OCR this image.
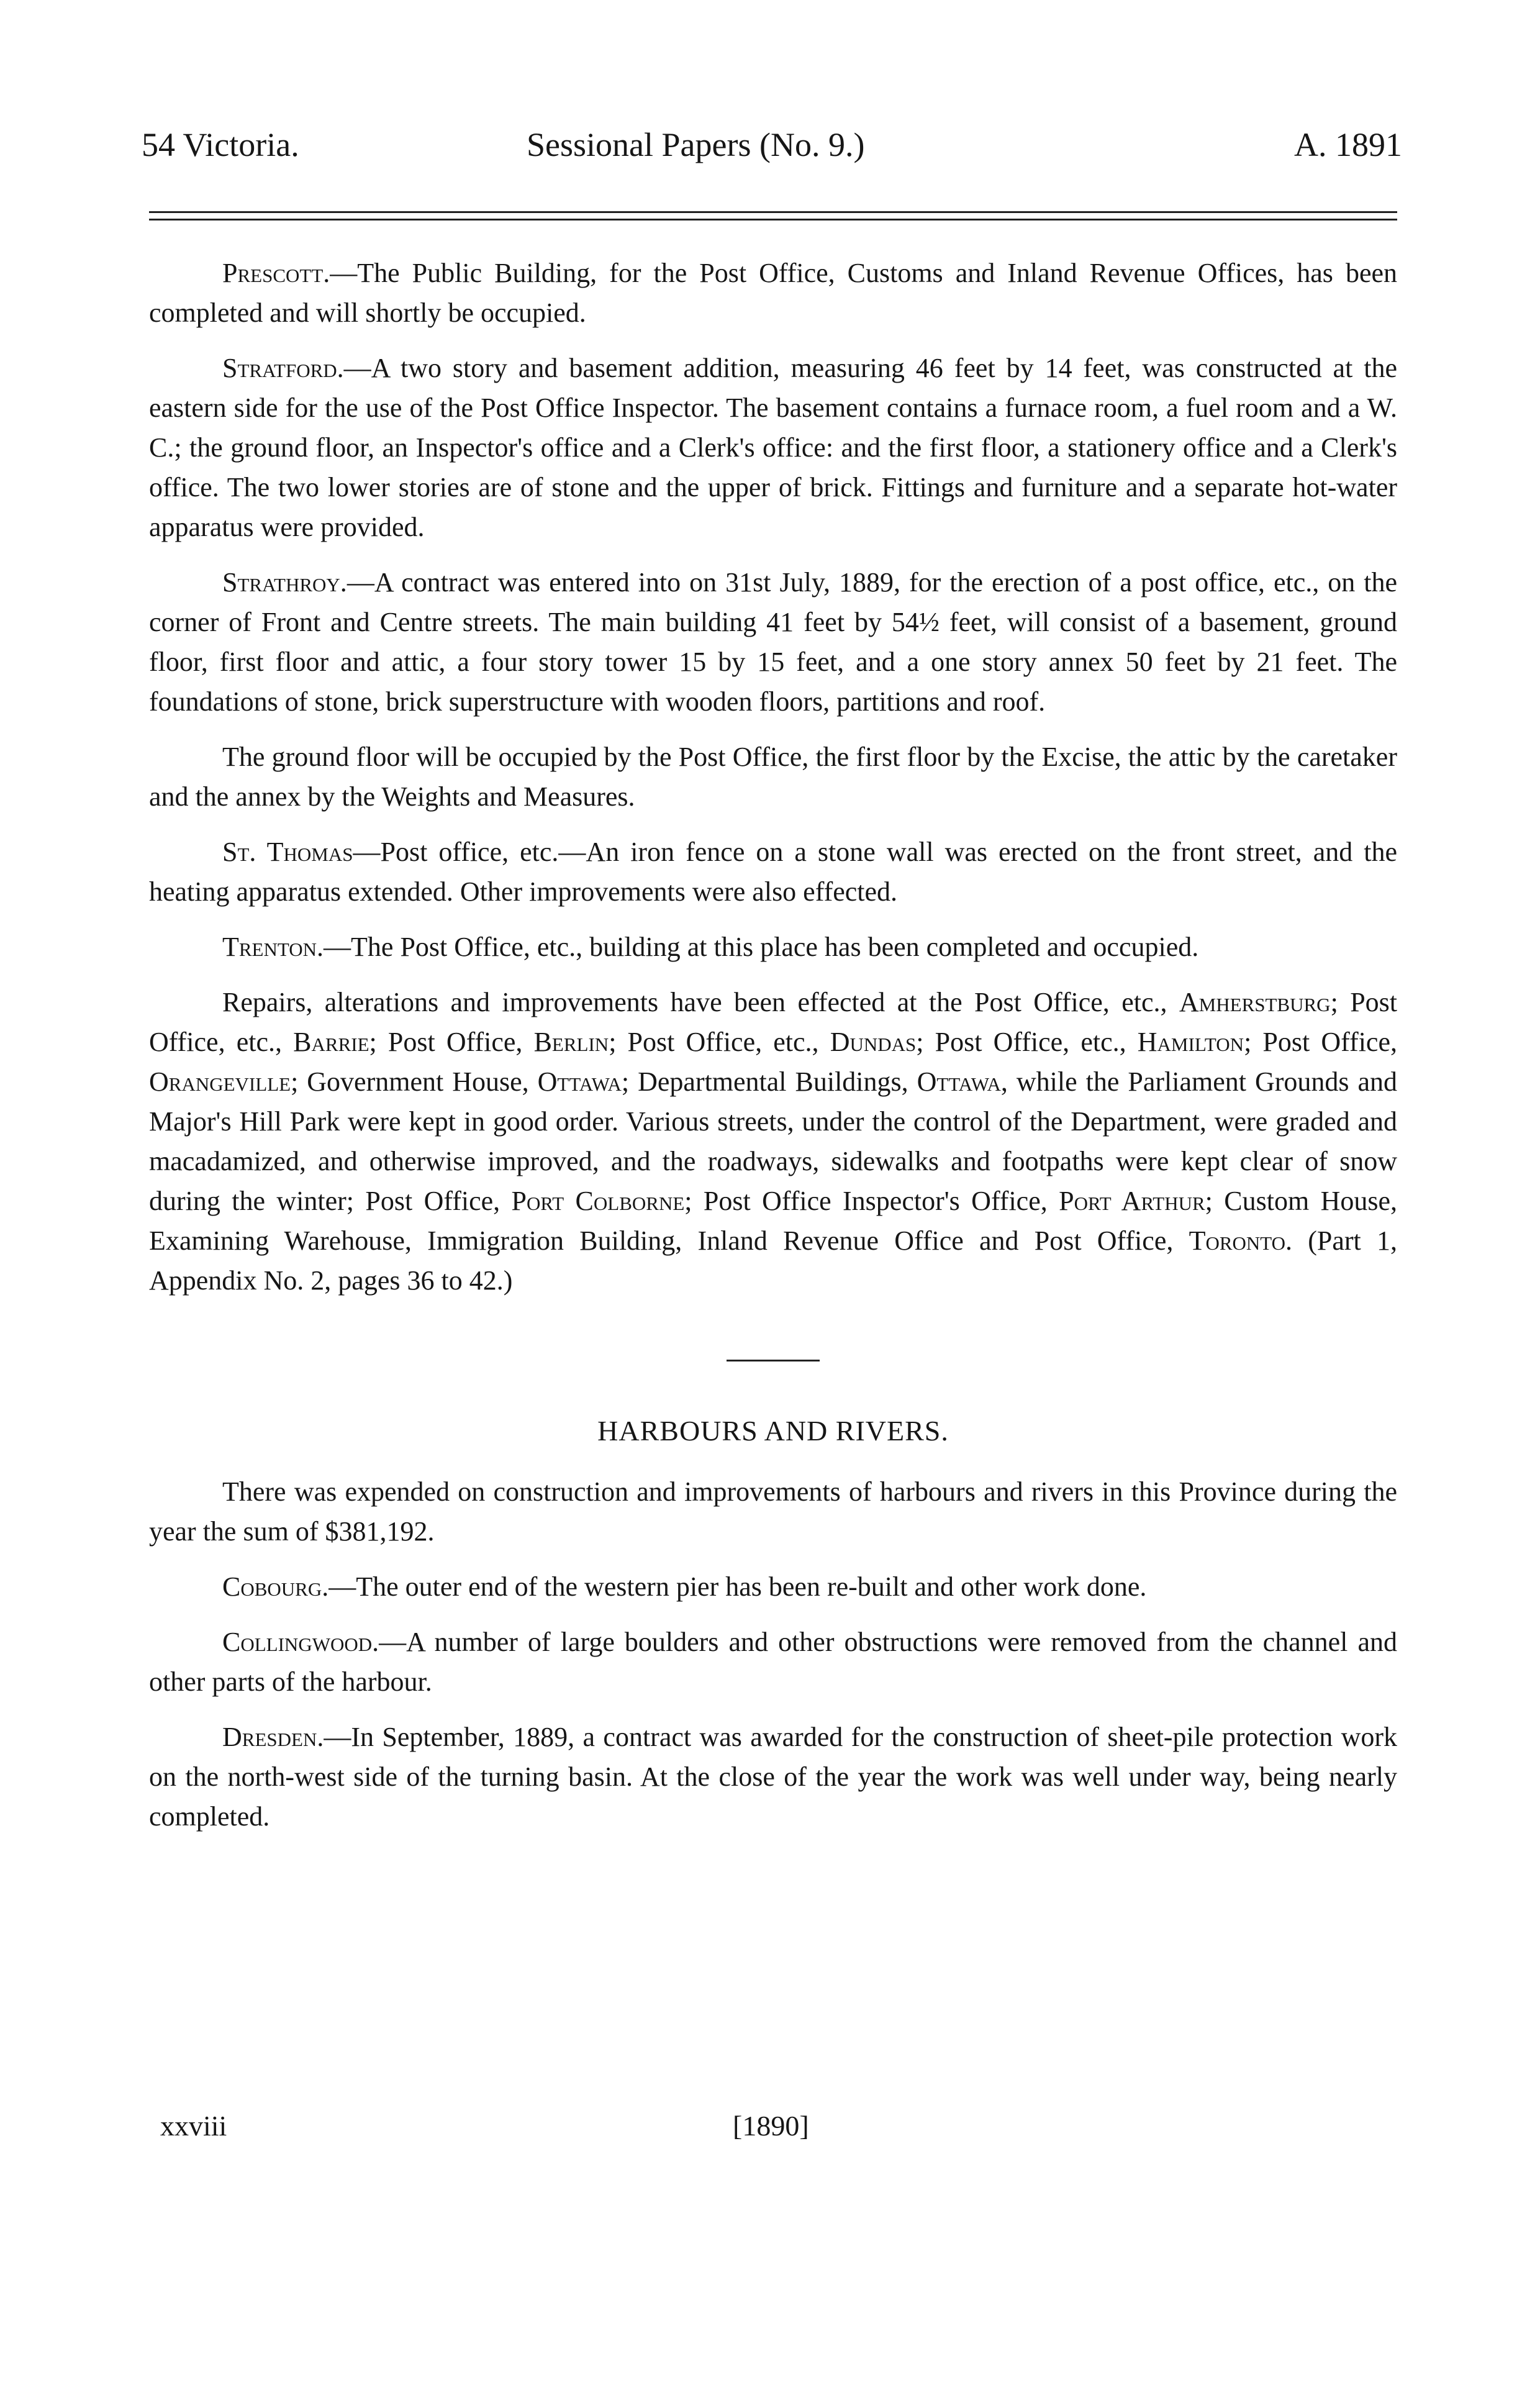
54 Victoria.	Sessional Papers (No. 9.)	A. 1891

Prescott.—The Public Building, for the Post Office, Customs and Inland Revenue Offices, has been completed and will shortly be occupied.

Stratford.—A two story and basement addition, measuring 46 feet by 14 feet, was constructed at the eastern side for the use of the Post Office Inspector. The basement contains a furnace room, a fuel room and a W. C.; the ground floor, an Inspector's office and a Clerk's office: and the first floor, a stationery office and a Clerk's office. The two lower stories are of stone and the upper of brick. Fittings and furniture and a separate hot-water apparatus were provided.

Strathroy.—A contract was entered into on 31st July, 1889, for the erection of a post office, etc., on the corner of Front and Centre streets. The main building 41 feet by 54½ feet, will consist of a basement, ground floor, first floor and attic, a four story tower 15 by 15 feet, and a one story annex 50 feet by 21 feet. The foundations of stone, brick superstructure with wooden floors, partitions and roof.

The ground floor will be occupied by the Post Office, the first floor by the Excise, the attic by the caretaker and the annex by the Weights and Measures.

St. Thomas—Post office, etc.—An iron fence on a stone wall was erected on the front street, and the heating apparatus extended. Other improvements were also effected.

Trenton.—The Post Office, etc., building at this place has been completed and occupied.

Repairs, alterations and improvements have been effected at the Post Office, etc., Amherstburg; Post Office, etc., Barrie; Post Office, Berlin; Post Office, etc., Dundas; Post Office, etc., Hamilton; Post Office, Orangeville; Government House, Ottawa; Departmental Buildings, Ottawa, while the Parliament Grounds and Major's Hill Park were kept in good order. Various streets, under the control of the Department, were graded and macadamized, and otherwise improved, and the roadways, sidewalks and footpaths were kept clear of snow during the winter; Post Office, Port Colborne; Post Office Inspector's Office, Port Arthur; Custom House, Examining Warehouse, Immigration Building, Inland Revenue Office and Post Office, Toronto. (Part 1, Appendix No. 2, pages 36 to 42.)

HARBOURS AND RIVERS.

There was expended on construction and improvements of harbours and rivers in this Province during the year the sum of $381,192.

Cobourg.—The outer end of the western pier has been re-built and other work done.

Collingwood.—A number of large boulders and other obstructions were removed from the channel and other parts of the harbour.

Dresden.—In September, 1889, a contract was awarded for the construction of sheet-pile protection work on the north-west side of the turning basin. At the close of the year the work was well under way, being nearly completed.

xxviii	[1890]
